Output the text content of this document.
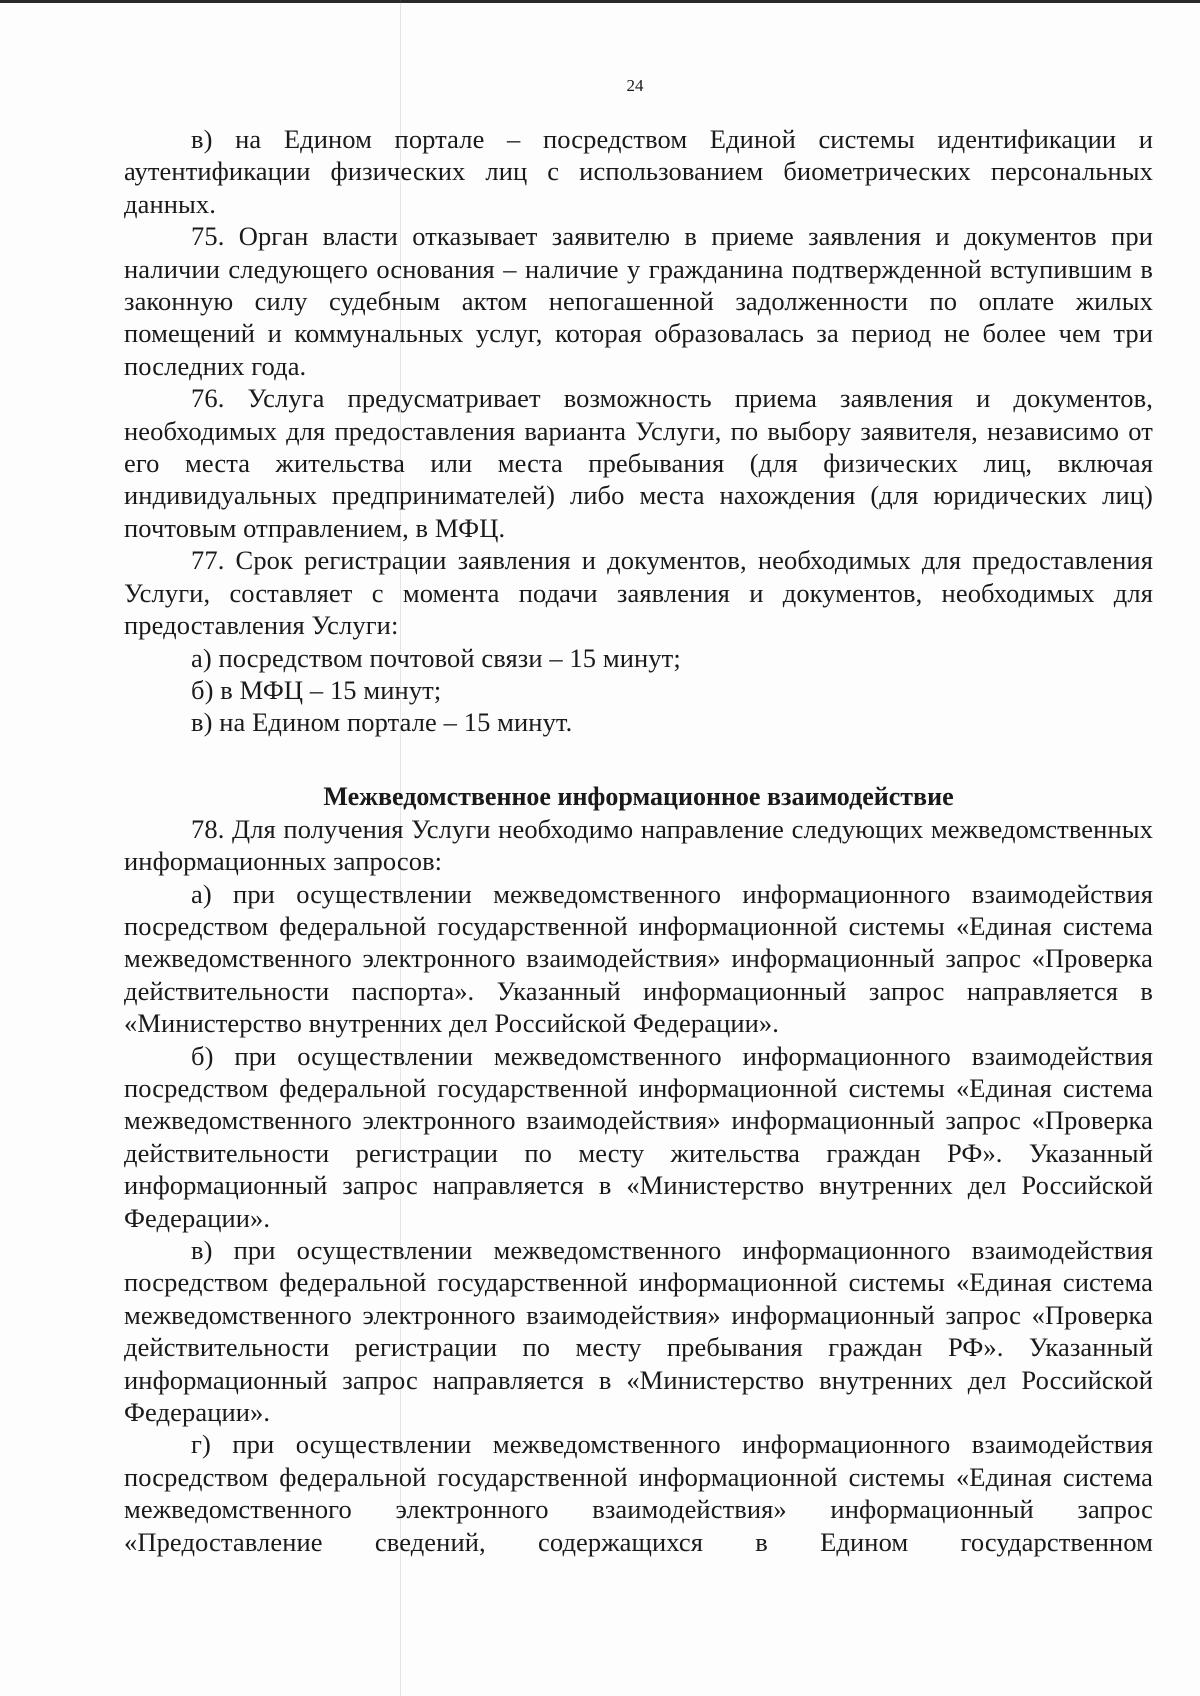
24

в) на Едином портале – посредством Единой системы идентификации и аутентификации физических лиц с использованием биометрических персональных данных.

75. Орган власти отказывает заявителю в приеме заявления и документов при наличии следующего основания – наличие у гражданина подтвержденной вступившим в законную силу судебным актом непогашенной задолженности по оплате жилых помещений и коммунальных услуг, которая образовалась за период не более чем три последних года.

76. Услуга предусматривает возможность приема заявления и документов, необходимых для предоставления варианта Услуги, по выбору заявителя, независимо от его места жительства или места пребывания (для физических лиц, включая индивидуальных предпринимателей) либо места нахождения (для юридических лиц) почтовым отправлением, в МФЦ.

77. Срок регистрации заявления и документов, необходимых для предоставления Услуги, составляет с момента подачи заявления и документов, необходимых для предоставления Услуги:

а) посредством почтовой связи – 15 минут;

б) в МФЦ – 15 минут;

в) на Едином портале – 15 минут.

Межведомственное информационное взаимодействие

78. Для получения Услуги необходимо направление следующих межведомственных информационных запросов:

а) при осуществлении межведомственного информационного взаимодействия посредством федеральной государственной информационной системы «Единая система межведомственного электронного взаимодействия» информационный запрос «Проверка действительности паспорта». Указанный информационный запрос направляется в «Министерство внутренних дел Российской Федерации».

б) при осуществлении межведомственного информационного взаимодействия посредством федеральной государственной информационной системы «Единая система межведомственного электронного взаимодействия» информационный запрос «Проверка действительности регистрации по месту жительства граждан РФ». Указанный информационный запрос направляется в «Министерство внутренних дел Российской Федерации».

в) при осуществлении межведомственного информационного взаимодействия посредством федеральной государственной информационной системы «Единая система межведомственного электронного взаимодействия» информационный запрос «Проверка действительности регистрации по месту пребывания граждан РФ». Указанный информационный запрос направляется в «Министерство внутренних дел Российской Федерации».

г) при осуществлении межведомственного информационного взаимодействия посредством федеральной государственной информационной системы «Единая система межведомственного электронного взаимодействия» информационный запрос «Предоставление сведений, содержащихся в Едином государственном
